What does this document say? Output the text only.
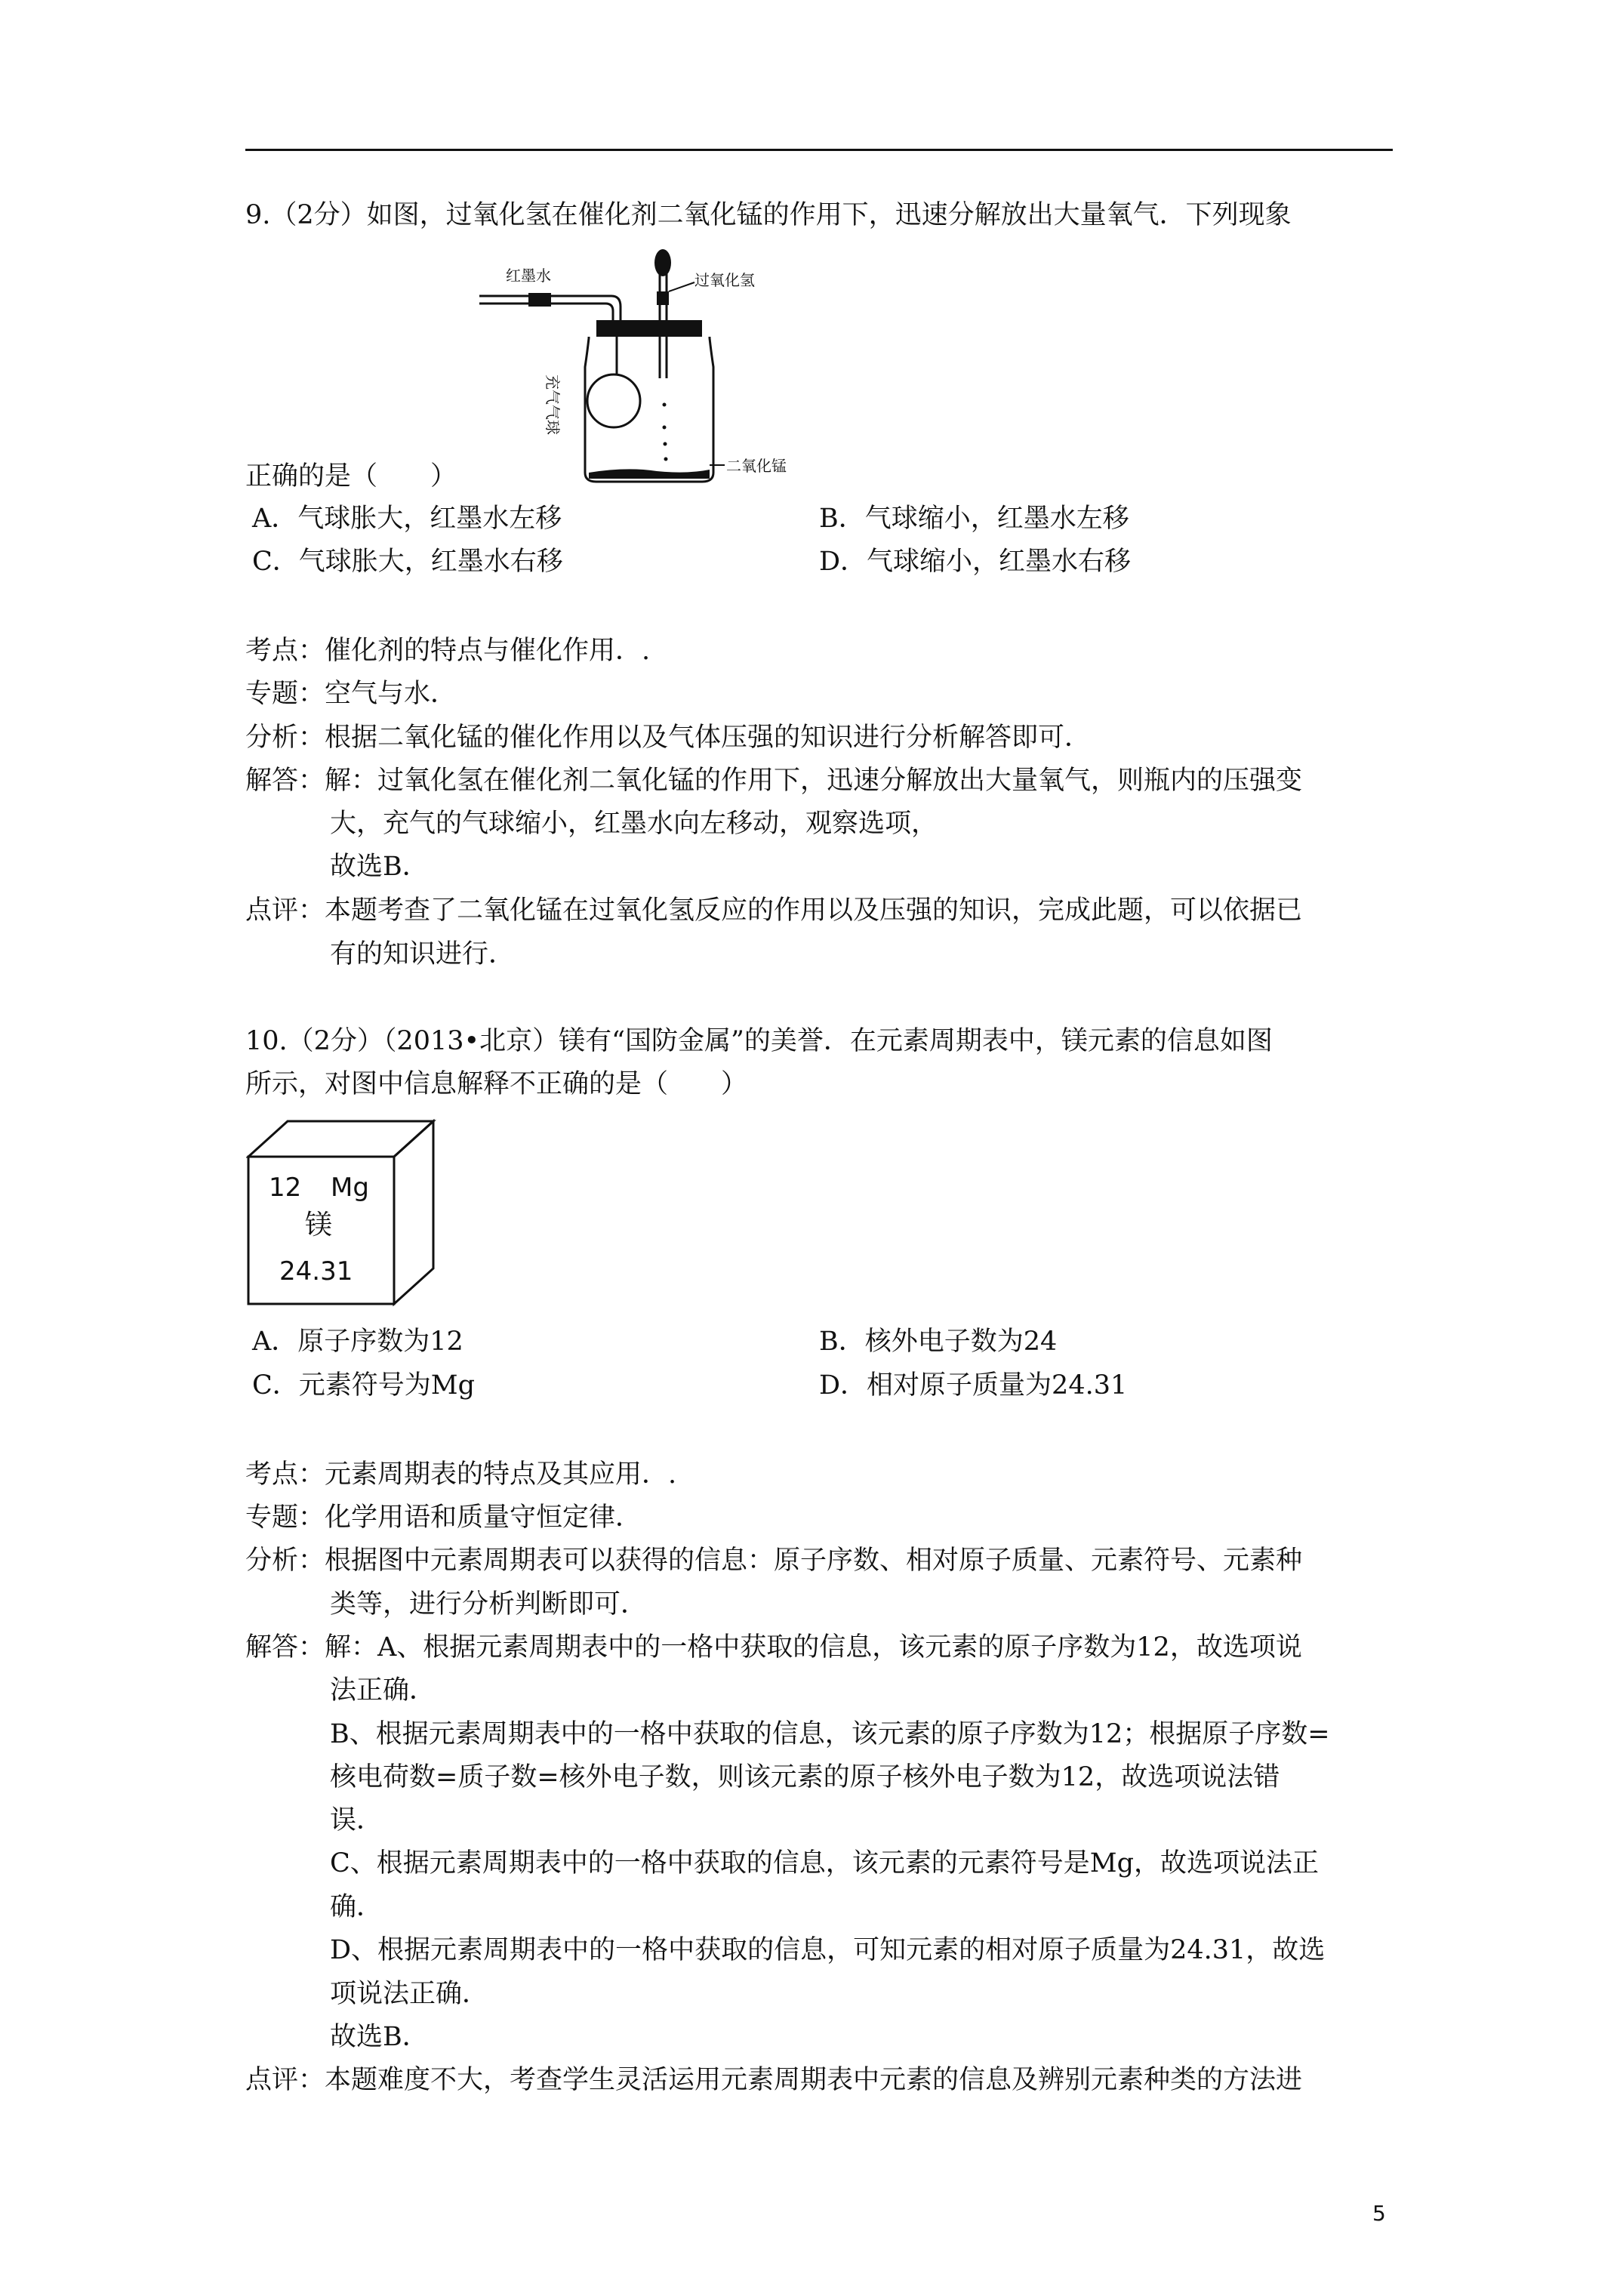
9.（2分）如图，过氧化氢在催化剂二氧化锰的作用下，迅速分解放出大量氧气．下列现象
红墨水	过氧化氢
二氧化锰
充气气球
正确的是（　　）
A．气球胀大，红墨水左移	B．气球缩小，红墨水左移
C．气球胀大，红墨水右移	D．气球缩小，红墨水右移
考点：催化剂的特点与催化作用．.
专题：空气与水．
分析：根据二氧化锰的催化作用以及气体压强的知识进行分析解答即可．
解答：解：过氧化氢在催化剂二氧化锰的作用下，迅速分解放出大量氧气，则瓶内的压强变
大，充气的气球缩小，红墨水向左移动，观察选项，
故选B．
点评：本题考查了二氧化锰在过氧化氢反应的作用以及压强的知识，完成此题，可以依据已
有的知识进行．
10.（2分）（2013•北京）镁有“国防金属”的美誉．在元素周期表中，镁元素的信息如图
所示，对图中信息解释不正确的是（　　）
12 Mg
镁
24.31
A．原子序数为12	B．核外电子数为24
C．元素符号为Mg	D．相对原子质量为24.31
考点：元素周期表的特点及其应用．.
专题：化学用语和质量守恒定律．
分析：根据图中元素周期表可以获得的信息：原子序数、相对原子质量、元素符号、元素种
类等，进行分析判断即可．
解答：解：A、根据元素周期表中的一格中获取的信息，该元素的原子序数为12，故选项说
法正确．
B、根据元素周期表中的一格中获取的信息，该元素的原子序数为12；根据原子序数=
核电荷数=质子数=核外电子数，则该元素的原子核外电子数为12，故选项说法错
误．
C、根据元素周期表中的一格中获取的信息，该元素的元素符号是Mg，故选项说法正
确．
D、根据元素周期表中的一格中获取的信息，可知元素的相对原子质量为24.31，故选
项说法正确．
故选B．
点评：本题难度不大，考查学生灵活运用元素周期表中元素的信息及辨别元素种类的方法进
5
